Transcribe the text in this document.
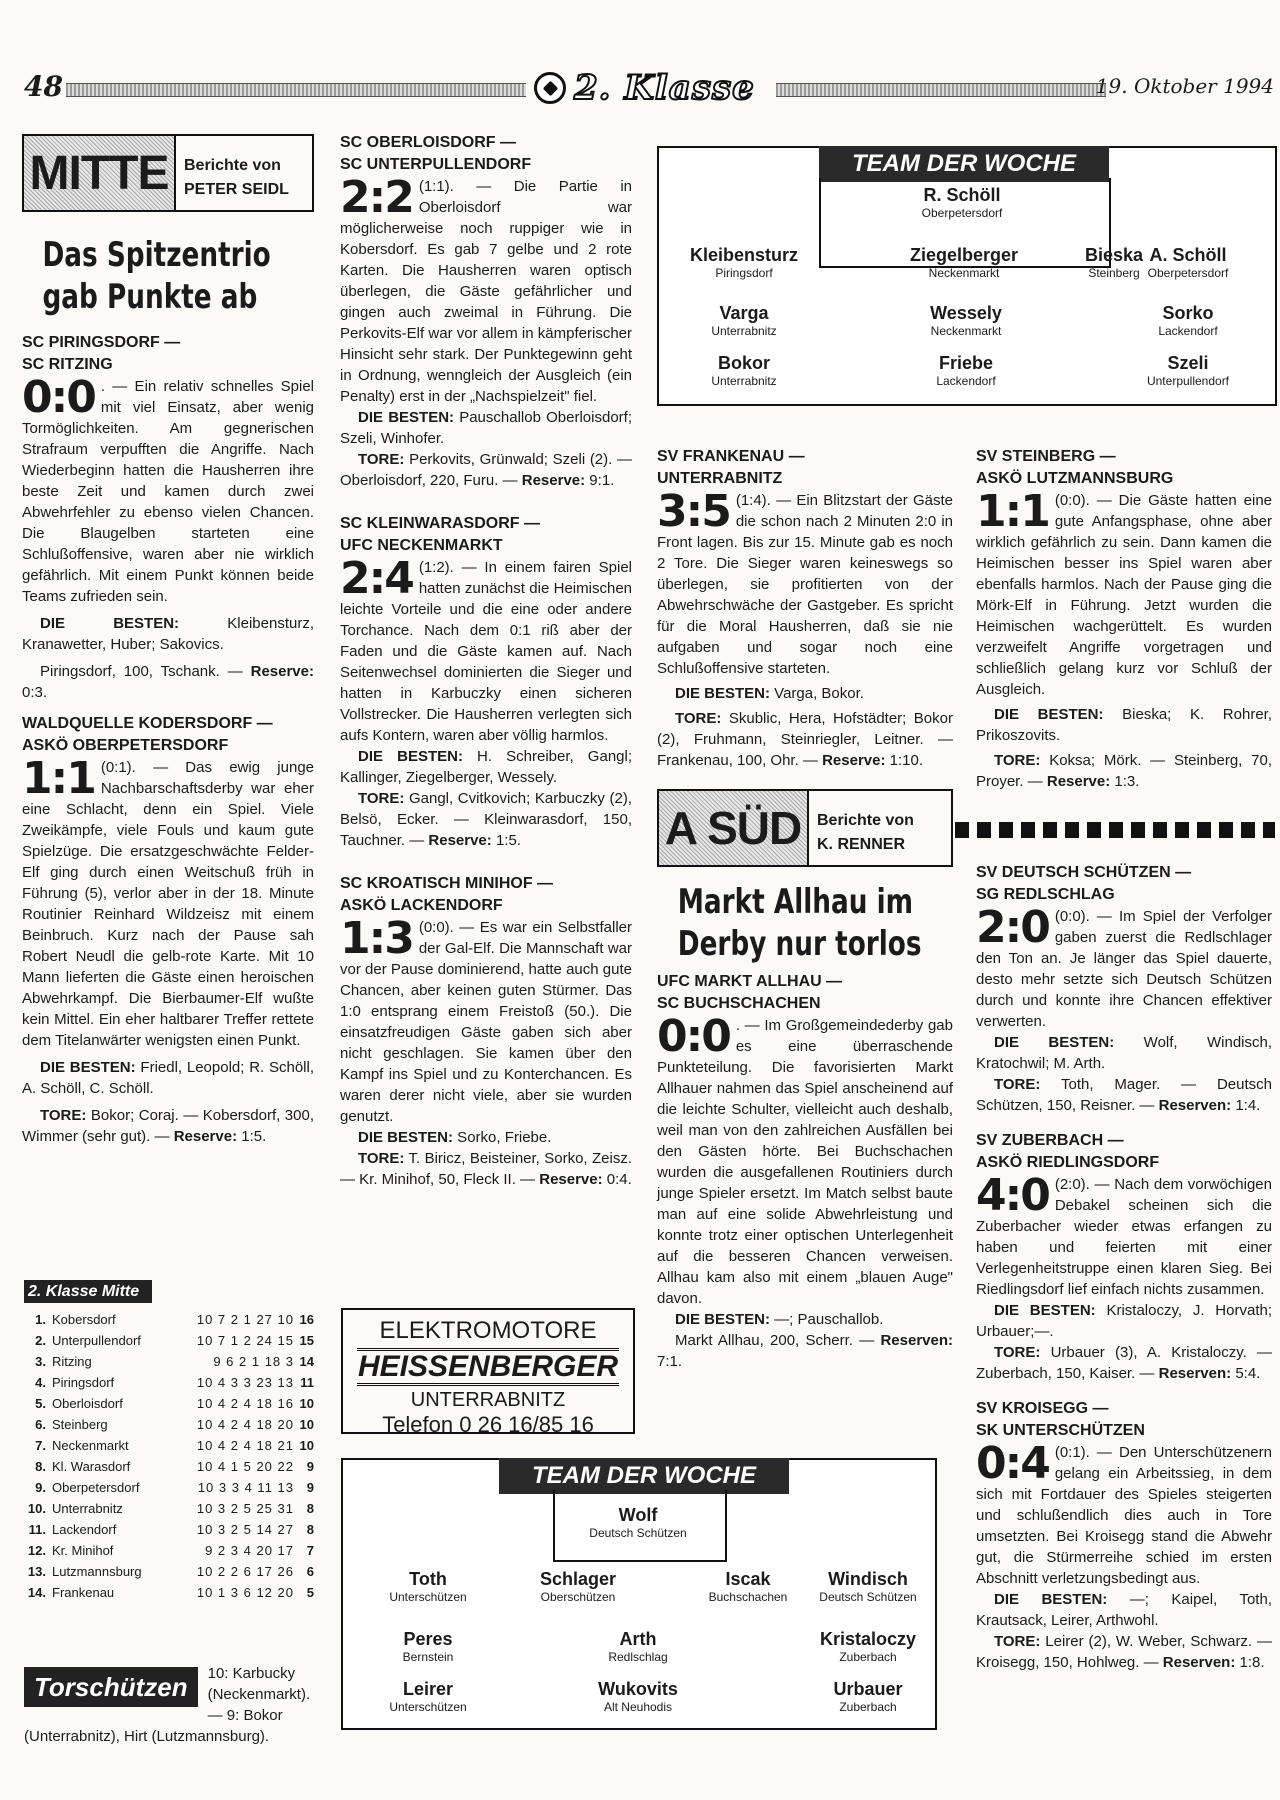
48	2. Klasse	19. Oktober 1994
MITTE Berichte von
PETER SEIDL

Das Spitzentrio

gab Punkte ab

SC PIRINGSDORF —

SC RITZING

0:0 . — Ein relativ schnelles Spiel mit viel Einsatz, aber wenig Tormöglichkeiten. Am gegnerischen Strafraum verpufften die Angriffe. Nach Wiederbeginn hatten die Hausherren ihre beste Zeit und kamen durch zwei Abwehrfehler zu ebenso vielen Chancen. Die Blaugelben starteten eine Schlußoffensive, waren aber nie wirklich gefährlich. Mit einem Punkt können beide Teams zufrieden sein.

DIE BESTEN: Kleibensturz, Kranawetter, Huber; Sakovics.

Piringsdorf, 100, Tschank. — Reserve: 0:3.

WALDQUELLE KODERSDORF —

ASKÖ OBERPETERSDORF

1:1 (0:1). — Das ewig junge Nachbarschaftsderby war eher eine Schlacht, denn ein Spiel. Viele Zweikämpfe, viele Fouls und kaum gute Spielzüge. Die ersatzgeschwächte Felder-Elf ging durch einen Weitschuß früh in Führung (5), verlor aber in der 18. Minute Routinier Reinhard Wildzeisz mit einem Beinbruch. Kurz nach der Pause sah Robert Neudl die gelb-rote Karte. Mit 10 Mann lieferten die Gäste einen heroischen Abwehrkampf. Die Bierbaumer-Elf wußte kein Mittel. Ein eher haltbarer Treffer rettete dem Titelanwärter wenigsten einen Punkt.

DIE BESTEN: Friedl, Leopold; R. Schöll, A. Schöll, C. Schöll.

TORE: Bokor; Coraj. — Kobersdorf, 300, Wimmer (sehr gut). — Reserve: 1:5.

2. Klasse Mitte
1. Kobersdorf	10 7 2 1 27 10 16
2. Unterpullendorf	10 7 1 2 24 15 15
3. Ritzing	9 6 2 1 18 3 14
4. Piringsdorf	10 4 3 3 23 13 11
5. Oberloisdorf	10 4 2 4 18 16 10
6. Steinberg	10 4 2 4 18 20 10
7. Neckenmarkt	10 4 2 4 18 21 10
8. Kl. Warasdorf	10 4 1 5 20 22 9
9. Oberpetersdorf	10 3 3 4 11 13 9
10. Unterrabnitz	10 3 2 5 25 31 8
11. Lackendorf	10 3 2 5 14 27 8
12. Kr. Minihof	9 2 3 4 20 17 7
13. Lutzmannsburg	10 2 2 6 17 26 6
14. Frankenau	10 1 3 6 12 20 5
Torschützen	10: Karbucky (Neckenmarkt). — 9: Bokor (Unterrabnitz), Hirt (Lutzmannsburg).

SC OBERLOISDORF —

SC UNTERPULLENDORF

2:2 (1:1). — Die Partie in Oberloisdorf war möglicherweise noch ruppiger wie in Kobersdorf. Es gab 7 gelbe und 2 rote Karten. Die Hausherren waren optisch überlegen, die Gäste gefährlicher und gingen auch zweimal in Führung. Die Perkovits-Elf war vor allem in kämpferischer Hinsicht sehr stark. Der Punktegewinn geht in Ordnung, wenngleich der Ausgleich (ein Penalty) erst in der „Nachspielzeit" fiel.

DIE BESTEN: Pauschallob Oberloisdorf; Szeli, Winhofer.

TORE: Perkovits, Grünwald; Szeli (2). — Oberloisdorf, 220, Furu. — Reserve: 9:1.

SC KLEINWARASDORF —

UFC NECKENMARKT

2:4 (1:2). — In einem fairen Spiel hatten zunächst die Heimischen leichte Vorteile und die eine oder andere Torchance. Nach dem 0:1 riß aber der Faden und die Gäste kamen auf. Nach Seitenwechsel dominierten die Sieger und hatten in Karbuczky einen sicheren Vollstrecker. Die Hausherren verlegten sich aufs Kontern, waren aber völlig harmlos.

DIE BESTEN: H. Schreiber, Gangl; Kallinger, Ziegelberger, Wessely.

TORE: Gangl, Cvitkovich; Karbuczky (2), Belsö, Ecker. — Kleinwarasdorf, 150, Tauchner. — Reserve: 1:5.

SC KROATISCH MINIHOF —

ASKÖ LACKENDORF

1:3 (0:0). — Es war ein Selbstfaller der Gal-Elf. Die Mannschaft war vor der Pause dominierend, hatte auch gute Chancen, aber keinen guten Stürmer. Das 1:0 entsprang einem Freistoß (50.). Die einsatzfreudigen Gäste gaben sich aber nicht geschlagen. Sie kamen über den Kampf ins Spiel und zu Konterchancen. Es waren derer nicht viele, aber sie wurden genutzt.

DIE BESTEN: Sorko, Friebe.

TORE: T. Biricz, Beisteiner, Sorko, Zeisz. — Kr. Minihof, 50, Fleck II. — Reserve: 0:4.

ELEKTROMOTORE
HEISSENBERGER
UNTERRABNITZ
Telefon 0 26 16/85 16
TEAM DER WOCHE
R. Schöll
Oberpetersdorf
Kleibensturz
Piringsdorf
Ziegelberger
Neckenmarkt
Bieska
Steinberg
A. Schöll
Oberpetersdorf
Varga
Unterrabnitz
Wessely
Neckenmarkt
Sorko
Lackendorf
Bokor
Unterrabnitz
Friebe
Lackendorf
Szeli
Unterpullendorf
TEAM DER WOCHE
Wolf
Deutsch Schützen
Toth
Unterschützen
Schlager
Oberschützen
Iscak
Buchschachen
Windisch
Deutsch Schützen
Peres
Bernstein
Arth
Redlschlag
Kristaloczy
Zuberbach
Leirer
Unterschützen
Wukovits
Alt Neuhodis
Urbauer
Zuberbach

SV FRANKENAU —

UNTERRABNITZ

3:5 (1:4). — Ein Blitzstart der Gäste die schon nach 2 Minuten 2:0 in Front lagen. Bis zur 15. Minute gab es noch 2 Tore. Die Sieger waren keineswegs so überlegen, sie profitierten von der Abwehrschwäche der Gastgeber. Es spricht für die Moral Hausherren, daß sie nie aufgaben und sogar noch eine Schlußoffensive starteten.

DIE BESTEN: Varga, Bokor.

TORE: Skublic, Hera, Hofstädter; Bokor (2), Fruhmann, Steinriegler, Leitner. — Frankenau, 100, Ohr. — Reserve: 1:10.

A SÜD Berichte von
K. RENNER

Markt Allhau im

Derby nur torlos

UFC MARKT ALLHAU —

SC BUCHSCHACHEN

0:0 . — Im Großgemeindederby gab es eine überraschende Punkteteilung. Die favorisierten Markt Allhauer nahmen das Spiel anscheinend auf die leichte Schulter, vielleicht auch deshalb, weil man von den zahlreichen Ausfällen bei den Gästen hörte. Bei Buchschachen wurden die ausgefallenen Routiniers durch junge Spieler ersetzt. Im Match selbst baute man auf eine solide Abwehrleistung und konnte trotz einer optischen Unterlegenheit auf die besseren Chancen verweisen. Allhau kam also mit einem „blauen Auge" davon.

DIE BESTEN: —; Pauschallob.

Markt Allhau, 200, Scherr. — Reserven: 7:1.

SV STEINBERG —

ASKÖ LUTZMANNSBURG

1:1 (0:0). — Die Gäste hatten eine gute Anfangsphase, ohne aber wirklich gefährlich zu sein. Dann kamen die Heimischen besser ins Spiel waren aber ebenfalls harmlos. Nach der Pause ging die Mörk-Elf in Führung. Jetzt wurden die Heimischen wachgerüttelt. Es wurden verzweifelt Angriffe vorgetragen und schließlich gelang kurz vor Schluß der Ausgleich.

DIE BESTEN: Bieska; K. Rohrer, Prikoszovits.

TORE: Koksa; Mörk. — Steinberg, 70, Proyer. — Reserve: 1:3.

SV DEUTSCH SCHÜTZEN —

SG REDLSCHLAG

2:0 (0:0). — Im Spiel der Verfolger gaben zuerst die Redlschlager den Ton an. Je länger das Spiel dauerte, desto mehr setzte sich Deutsch Schützen durch und konnte ihre Chancen effektiver verwerten.

DIE BESTEN: Wolf, Windisch, Kratochwil; M. Arth.

TORE: Toth, Mager. — Deutsch Schützen, 150, Reisner. — Reserven: 1:4.

SV ZUBERBACH —

ASKÖ RIEDLINGSDORF

4:0 (2:0). — Nach dem vorwöchigen Debakel scheinen sich die Zuberbacher wieder etwas erfangen zu haben und feierten mit einer Verlegenheitstruppe einen klaren Sieg. Bei Riedlingsdorf lief einfach nichts zusammen.

DIE BESTEN: Kristaloczy, J. Horvath; Urbauer;—.

TORE: Urbauer (3), A. Kristaloczy. — Zuberbach, 150, Kaiser. — Reserven: 5:4.

SV KROISEGG —

SK UNTERSCHÜTZEN

0:4 (0:1). — Den Unterschützenern gelang ein Arbeitssieg, in dem sich mit Fortdauer des Spieles steigerten und schlußendlich dies auch in Tore umsetzten. Bei Kroisegg stand die Abwehr gut, die Stürmerreihe schied im ersten Abschnitt verletzungsbedingt aus.

DIE BESTEN: —; Kaipel, Toth, Krautsack, Leirer, Arthwohl.

TORE: Leirer (2), W. Weber, Schwarz. — Kroisegg, 150, Hohlweg. — Reserven: 1:8.
